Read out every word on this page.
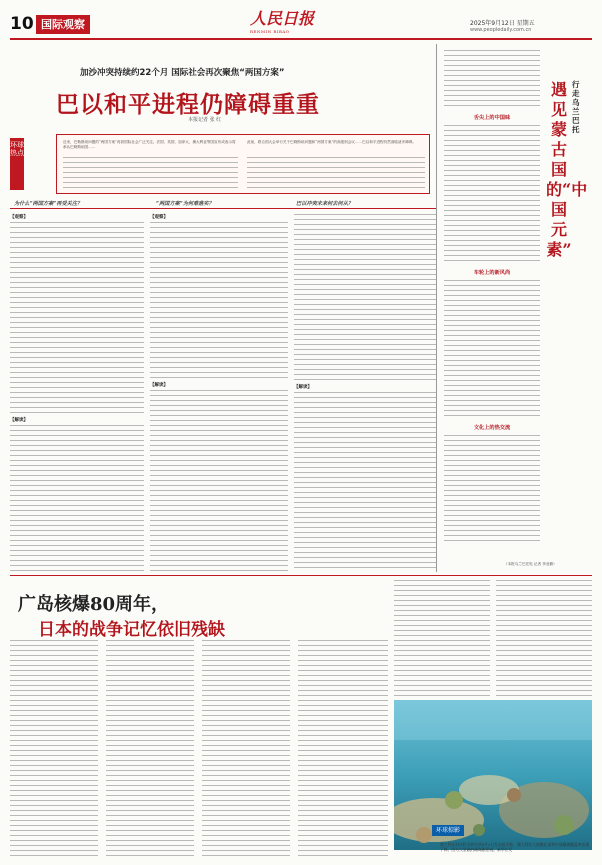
10 国际观察	人民日报
RENMIN RIBAO
2025年9月12日 星期五
www.peopledaily.com.cn
加沙冲突持续约22个月 国际社会再次聚焦“两国方案”
巴以和平进程仍障碍重重
本报记者 张 红
环球热点
近来，巴勒斯坦问题的“两国方案”再获国际社会广泛关注。法国、英国、加拿大、澳大利亚等国宣布或表示将承认巴勒斯坦国……
此前，联合国大会举行关于巴勒斯坦问题和“两国方案”的高级别会议……巴以和平进程仍然面临诸多障碍。
为什么“两国方案”再受关注？	“两国方案”为何难落实？	巴以冲突未来何去何从？
【观察】
【解读】
【观察】
【解读】	【解读】
行走乌兰巴托
遇见蒙古国的“中国元素”
舌尖上的中国味
车轮上的新风尚
文化上的热交流
（本报乌兰巴托电 记者 李亚楠）
广岛核爆80周年，
日本的战争记忆依旧残缺
环球掠影
澳大利亚海洋科学研究所9月2日发布报告称，澳大利亚大堡礁北部和中部珊瑚覆盖率出现下降。图为大堡礁的珊瑚礁景观。新华社发
